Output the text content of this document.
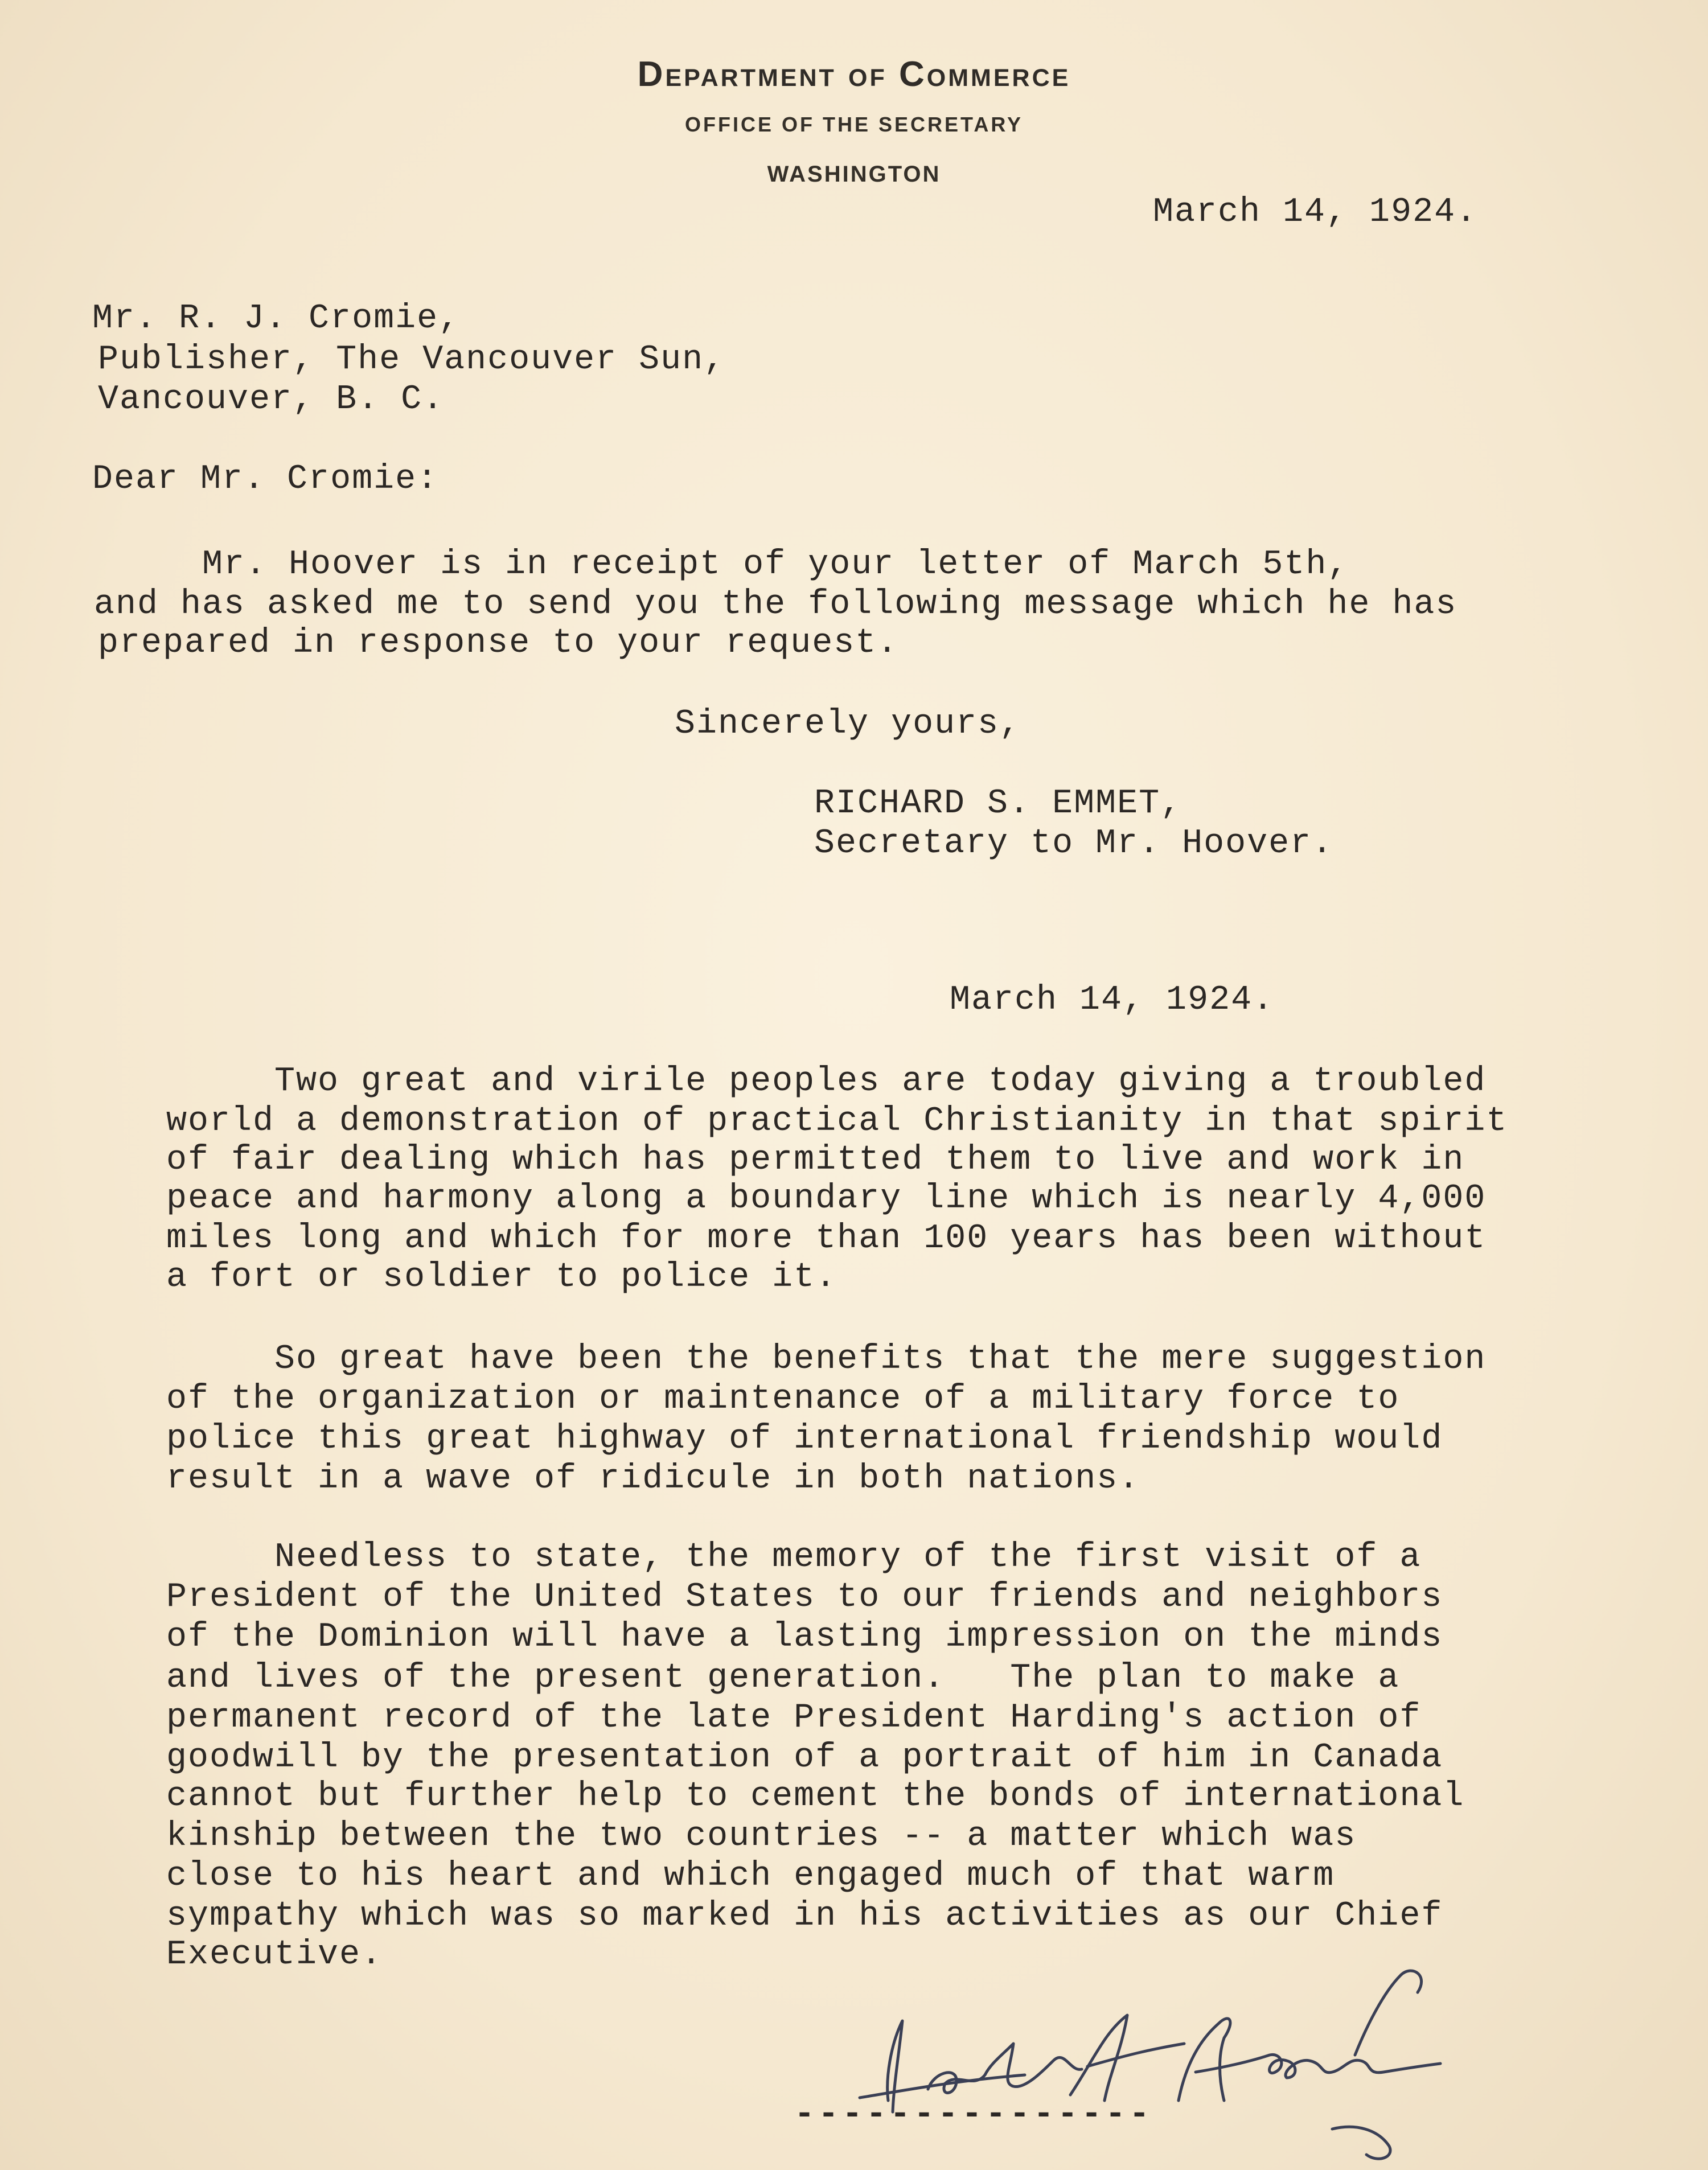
Department of Commerce
OFFICE OF THE SECRETARY
WASHINGTON
March 14, 1924.
Mr. R. J. Cromie,
Publisher, The Vancouver Sun,
Vancouver, B. C.
Dear Mr. Cromie:
Mr. Hoover is in receipt of your letter of March 5th,
and has asked me to send you the following message which he has
prepared in response to your request.
Sincerely yours,
RICHARD S. EMMET,
Secretary to Mr. Hoover.
March 14, 1924.
Two great and virile peoples are today giving a troubled
world a demonstration of practical Christianity in that spirit
of fair dealing which has permitted them to live and work in
peace and harmony along a boundary line which is nearly 4,000
miles long and which for more than 100 years has been without
a fort or soldier to police it.
So great have been the benefits that the mere suggestion
of the organization or maintenance of a military force to
police this great highway of international friendship would
result in a wave of ridicule in both nations.
Needless to state, the memory of the first visit of a
President of the United States to our friends and neighbors
of the Dominion will have a lasting impression on the minds
and lives of the present generation.   The plan to make a
permanent record of the late President Harding's action of
goodwill by the presentation of a portrait of him in Canada
cannot but further help to cement the bonds of international
kinship between the two countries -- a matter which was
close to his heart and which engaged much of that warm
sympathy which was so marked in his activities as our Chief
Executive.
---------------
